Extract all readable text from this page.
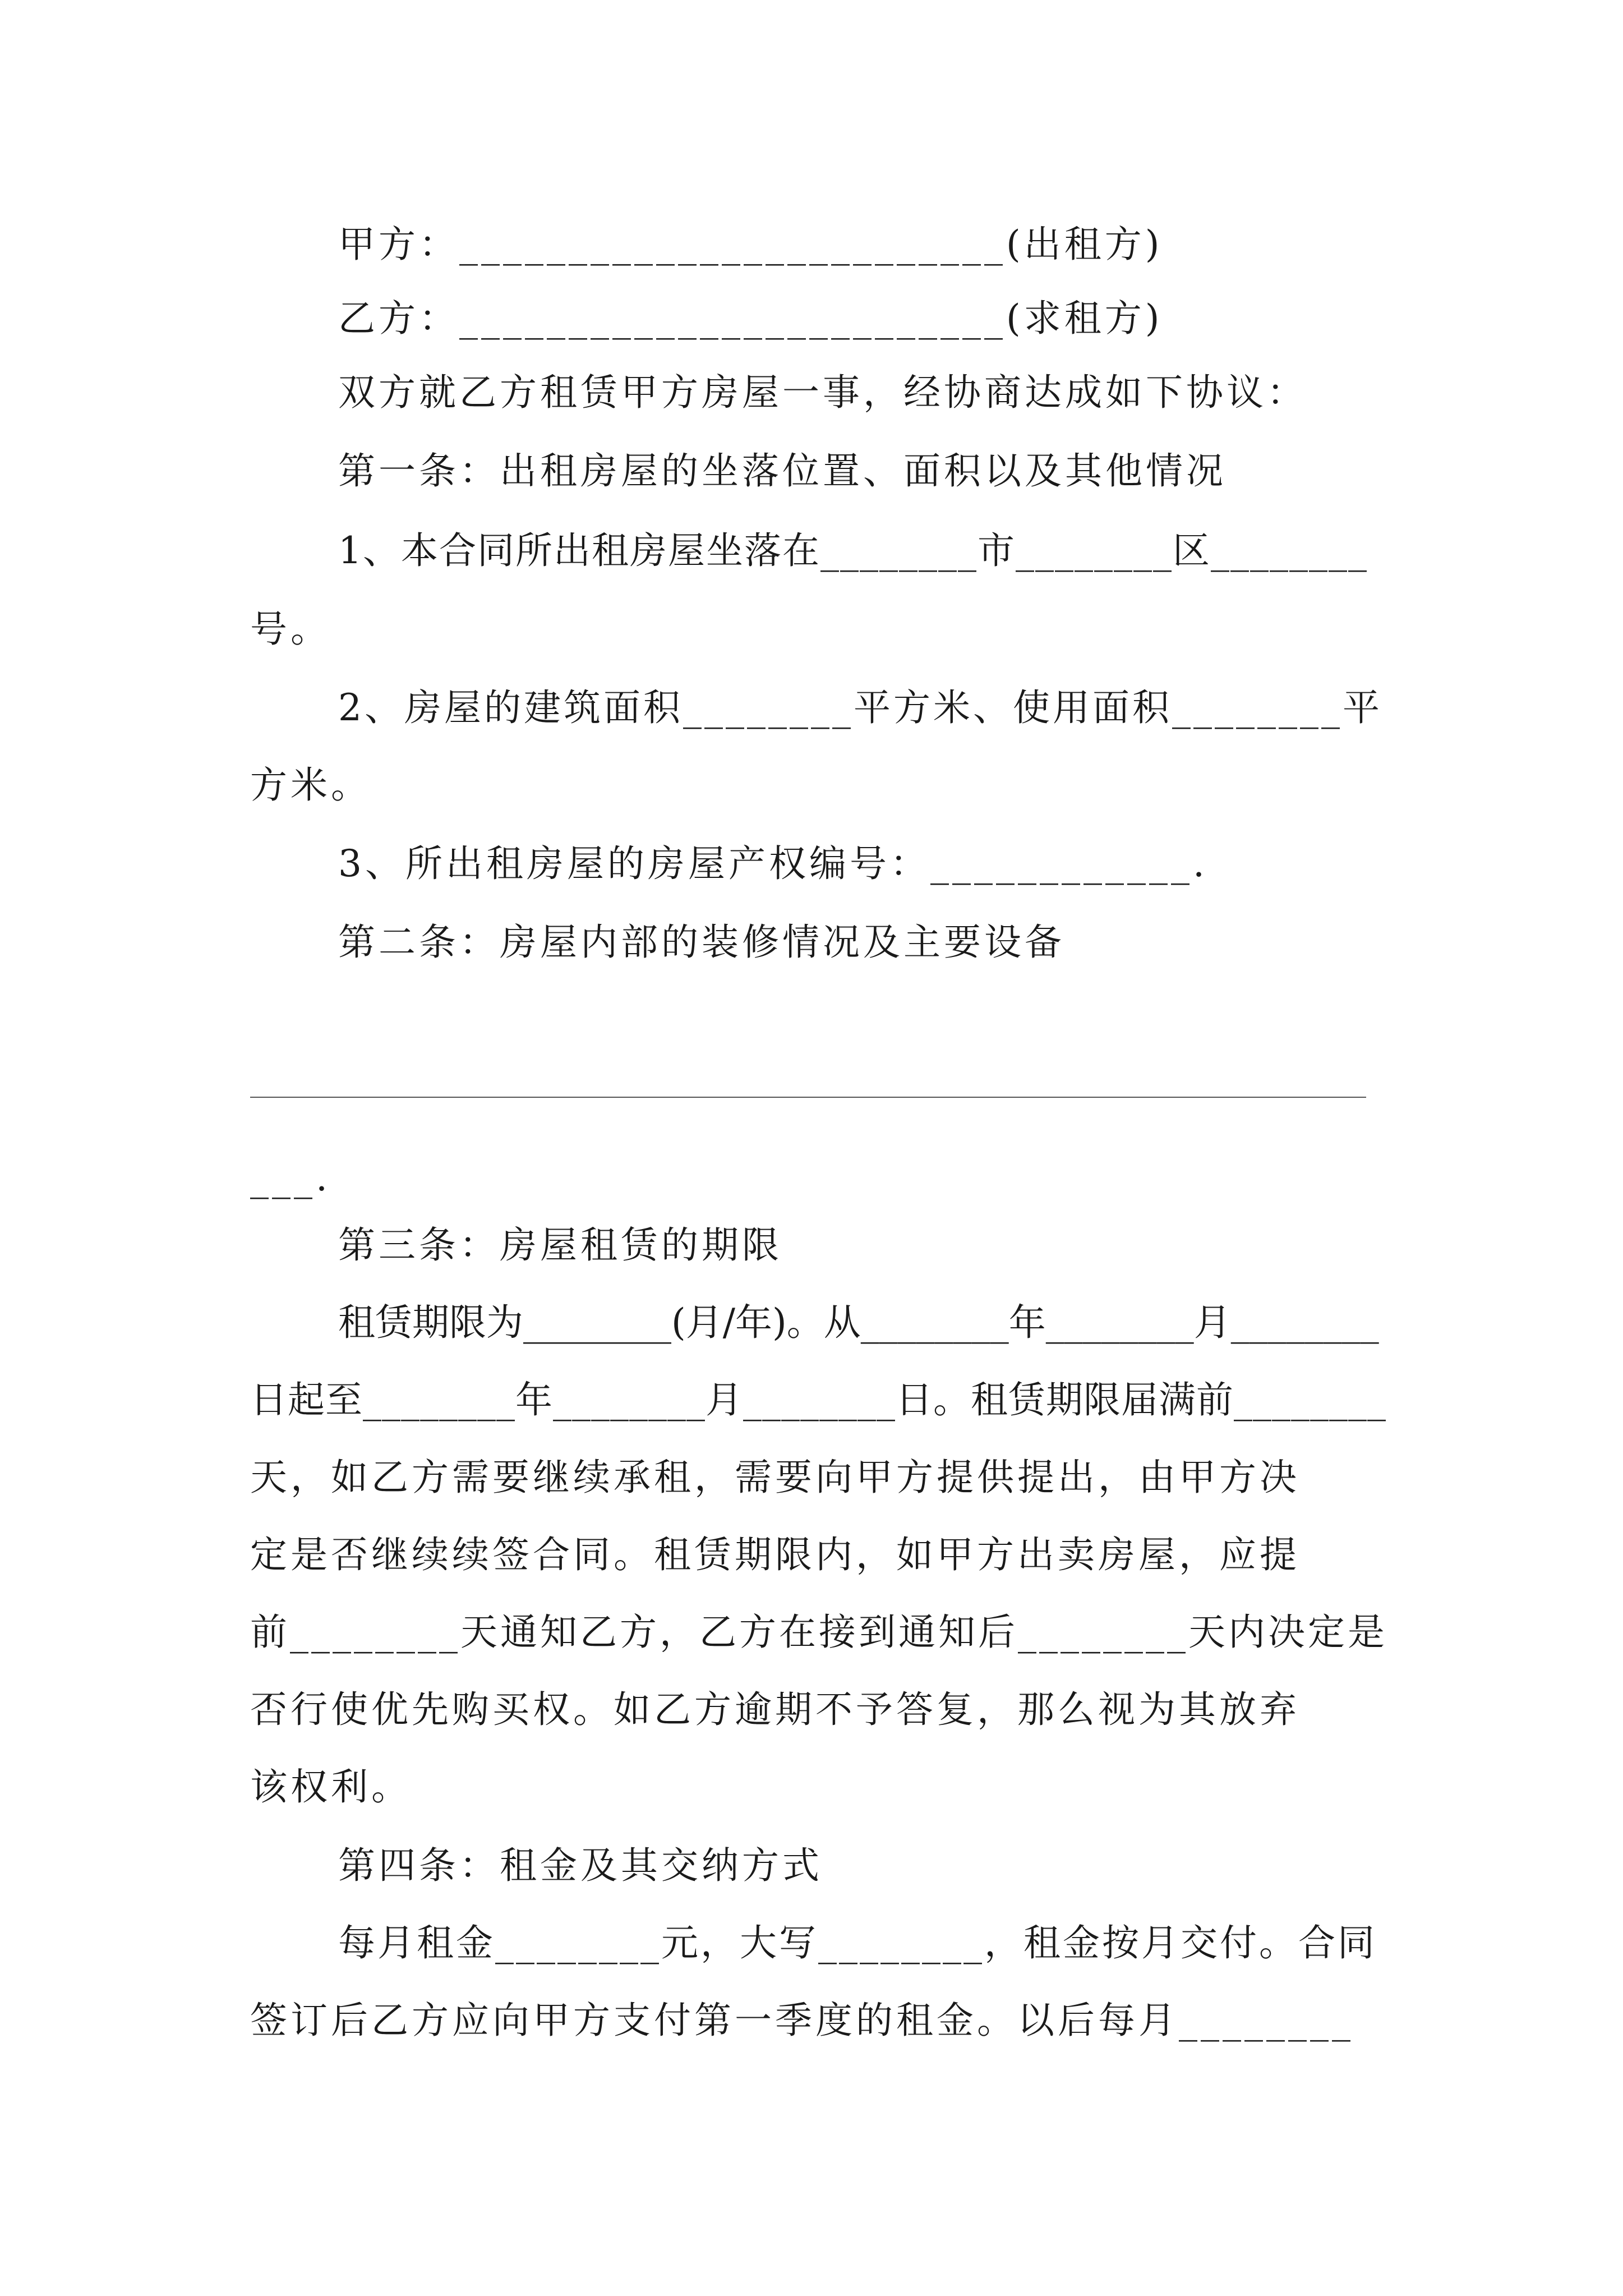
甲方：_________________________(出租方)
乙方：_________________________(求租方)
双方就乙方租赁甲方房屋一事，经协商达成如下协议：
第一条：出租房屋的坐落位置、面积以及其他情况
1、本合同所出租房屋坐落在________市________区________
号。
2、房屋的建筑面积________平方米、使用面积________平
方米。
3、所出租房屋的房屋产权编号：____________.
第二条：房屋内部的装修情况及主要设备
___.
第三条：房屋租赁的期限
租赁期限为________(月/年)。从________年________月________
日起至________年________月________日。租赁期限届满前________
天，如乙方需要继续承租，需要向甲方提供提出，由甲方决
定是否继续续签合同。租赁期限内，如甲方出卖房屋，应提
前________天通知乙方，乙方在接到通知后________天内决定是
否行使优先购买权。如乙方逾期不予答复，那么视为其放弃
该权利。
第四条：租金及其交纳方式
每月租金________元，大写________，租金按月交付。合同
签订后乙方应向甲方支付第一季度的租金。以后每月________
